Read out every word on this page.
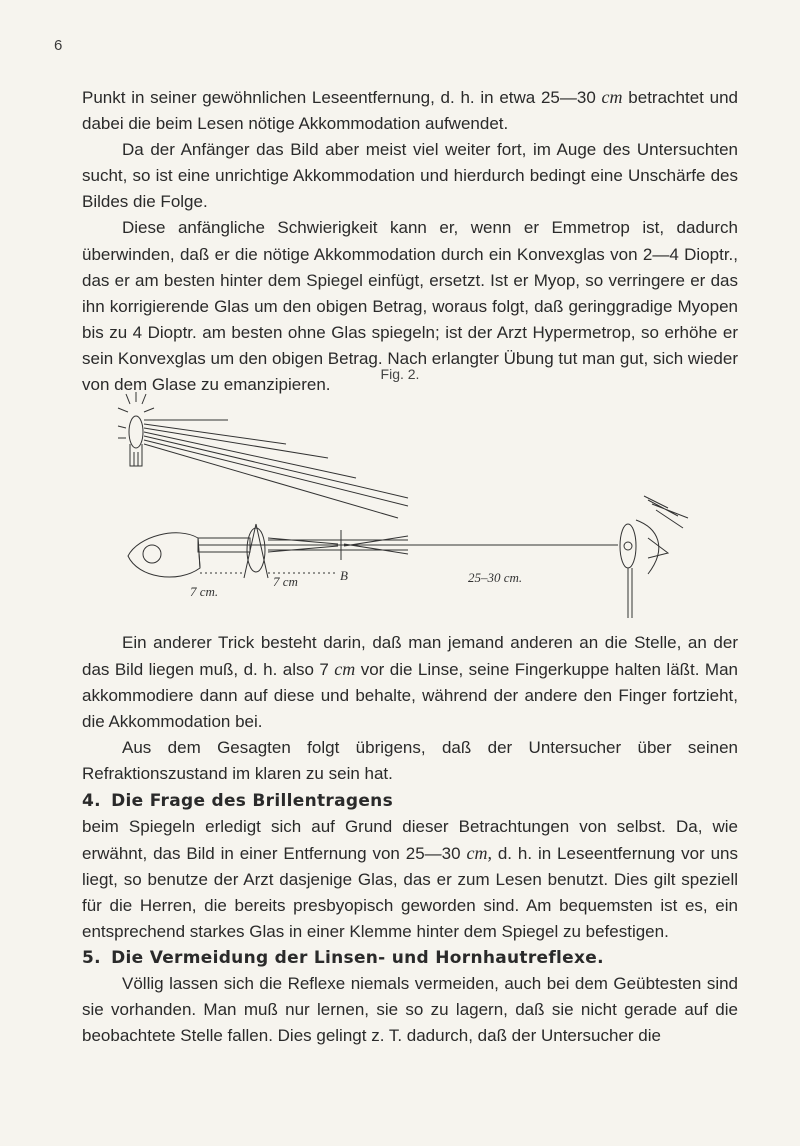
6

Punkt in seiner gewöhnlichen Leseentfernung, d. h. in etwa 25—30 cm betrachtet und dabei die beim Lesen nötige Akkommodation aufwendet.

Da der Anfänger das Bild aber meist viel weiter fort, im Auge des Untersuchten sucht, so ist eine unrichtige Akkommodation und hierdurch bedingt eine Unschärfe des Bildes die Folge.

Diese anfängliche Schwierigkeit kann er, wenn er Emmetrop ist, dadurch überwinden, daß er die nötige Akkommodation durch ein Konvexglas von 2—4 Dioptr., das er am besten hinter dem Spiegel einfügt, ersetzt. Ist er Myop, so verringere er das ihn korrigierende Glas um den obigen Betrag, woraus folgt, daß geringgradige Myopen bis zu 4 Dioptr. am besten ohne Glas spiegeln; ist der Arzt Hypermetrop, so erhöhe er sein Konvexglas um den obigen Betrag. Nach erlangter Übung tut man gut, sich wieder von dem Glase zu emanzipieren.

Fig. 2.
7 cm.
7 cm	B	25–30 cm.

Ein anderer Trick besteht darin, daß man jemand anderen an die Stelle, an der das Bild liegen muß, d. h. also 7 cm vor die Linse, seine Fingerkuppe halten läßt. Man akkommodiere dann auf diese und behalte, während der andere den Finger fortzieht, die Akkommodation bei.

Aus dem Gesagten folgt übrigens, daß der Untersucher über seinen Refraktionszustand im klaren zu sein hat.

4. Die Frage des Brillentragens

beim Spiegeln erledigt sich auf Grund dieser Betrachtungen von selbst. Da, wie erwähnt, das Bild in einer Entfernung von 25—30 cm, d. h. in Leseentfernung vor uns liegt, so benutze der Arzt dasjenige Glas, das er zum Lesen benutzt. Dies gilt speziell für die Herren, die bereits presbyopisch geworden sind. Am bequemsten ist es, ein entsprechend starkes Glas in einer Klemme hinter dem Spiegel zu befestigen.

5. Die Vermeidung der Linsen- und Hornhautreflexe.

Völlig lassen sich die Reflexe niemals vermeiden, auch bei dem Geübtesten sind sie vorhanden. Man muß nur lernen, sie so zu lagern, daß sie nicht gerade auf die beobachtete Stelle fallen. Dies gelingt z. T. dadurch, daß der Untersucher die
